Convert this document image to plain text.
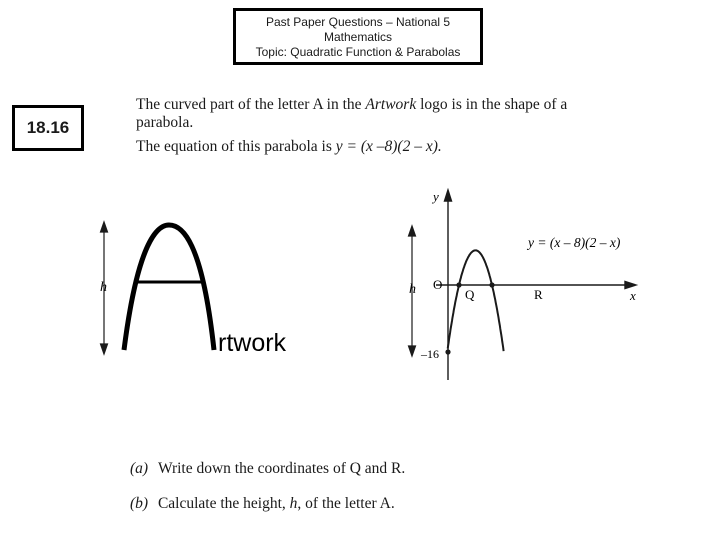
Past Paper Questions – National 5
Mathematics
Topic: Quadratic Function & Parabolas
18.16
The curved part of the letter A in the Artwork logo is in the shape of a
parabola.
The equation of this parabola is y = (x –8)(2 – x).
h
rtwork
y
x
O
h
y = (x – 8)(2 – x)
Q	R
–16
(a) Write down the coordinates of Q and R.
(b) Calculate the height, h, of the letter A.
